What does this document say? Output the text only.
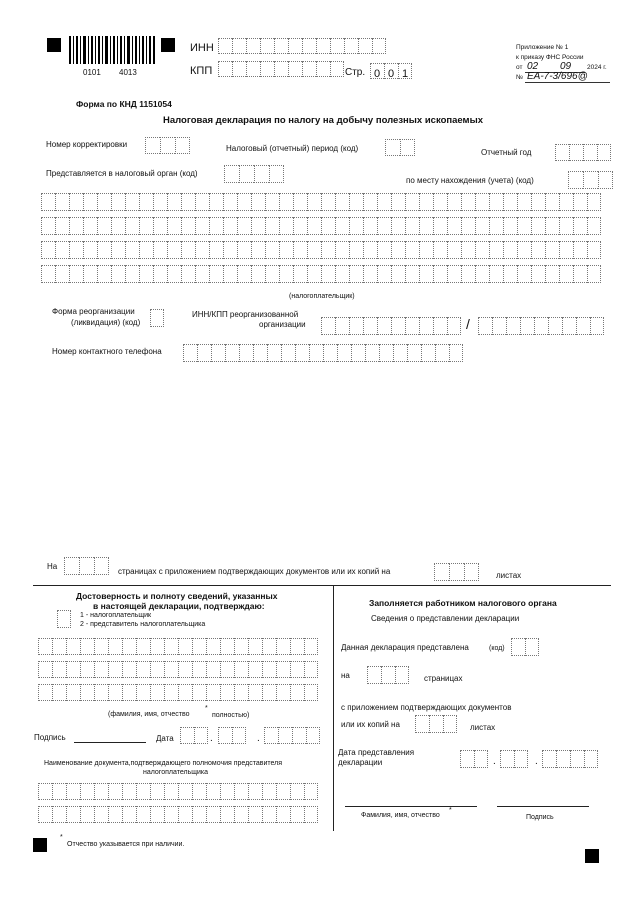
0101 4013
ИНН
КПП	Стр. 0 0 1
Приложение № 1
к приказу ФНС России
от 02 09 2024 г.
№ ЕА-7-3/696@
Форма по КНД 1151054
Налоговая декларация по налогу на добычу полезных ископаемых
Номер корректировки	Налоговый (отчетный) период (код)	Отчетный год
Представляется в налоговый орган (код)
по месту нахождения (учета) (код)
(налогоплательщик)
Форма реорганизации
(ликвидация) (код)
ИНН/КПП реорганизованной
организации	/
Номер контактного телефона
На
страницах с приложением подтверждающих документов или их копий на	листах
Достоверность и полноту сведений, указанных
в настоящей декларации, подтверждаю:
1 - налогоплательщик
2 - представитель налогоплательщика
(фамилия, имя, отчество
*
полностью)
Подпись	Дата	.	.
Наименование документа,подтверждающего полномочия представителя
налогоплательщика
Заполняется работником налогового органа
Сведения о представлении декларации
Данная декларация представлена	(код)
на	страницах
с приложением подтверждающих документов
или их копий на	листах
Дата представления
декларации	.	.
Фамилия, имя, отчество
*
Подпись
*
Отчество указывается при наличии.
